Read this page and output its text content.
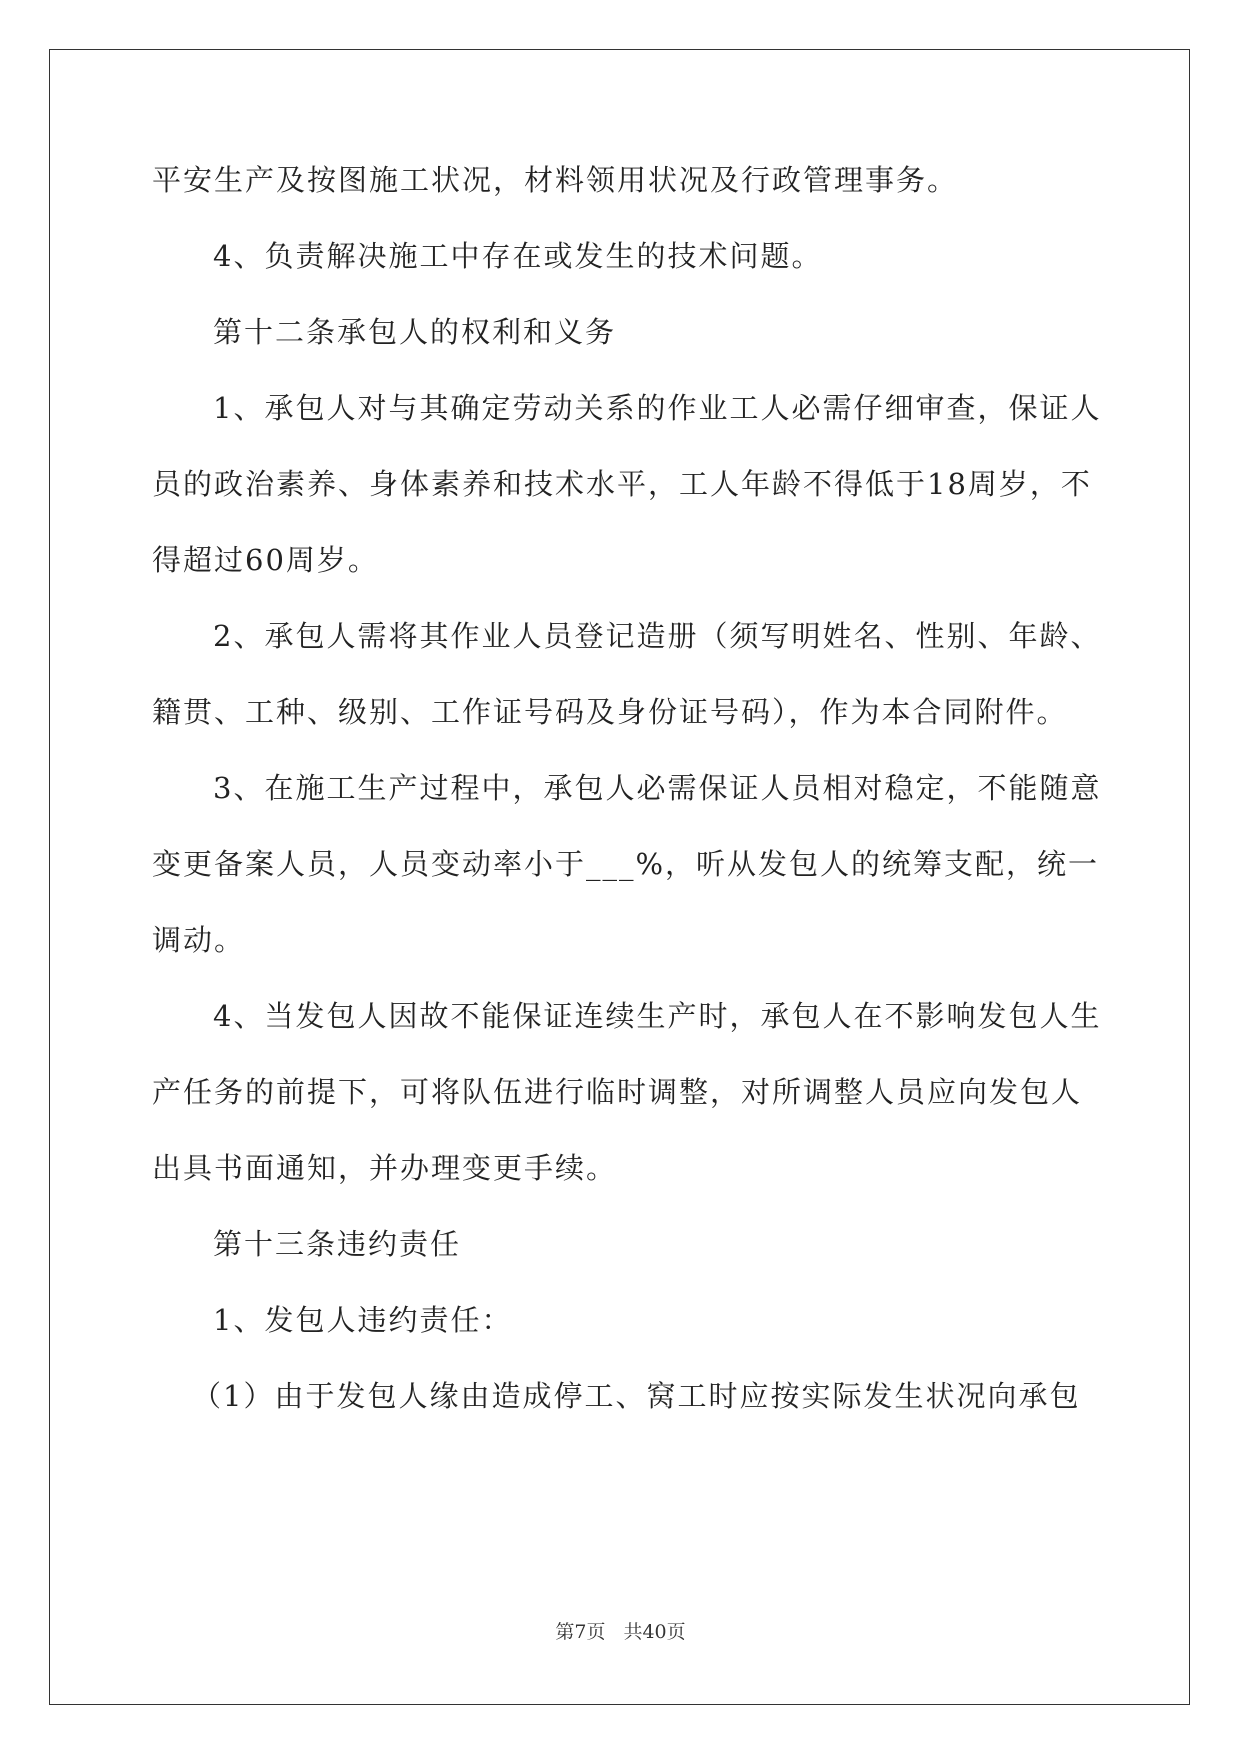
平安生产及按图施工状况，材料领用状况及行政管理事务。
4、负责解决施工中存在或发生的技术问题。
第十二条承包人的权利和义务
1、承包人对与其确定劳动关系的作业工人必需仔细审查，保证人
员的政治素养、身体素养和技术水平，工人年龄不得低于18周岁，不
得超过60周岁。
2、承包人需将其作业人员登记造册（须写明姓名、性别、年龄、
籍贯、工种、级别、工作证号码及身份证号码），作为本合同附件。
3、在施工生产过程中，承包人必需保证人员相对稳定，不能随意
变更备案人员，人员变动率小于___%，听从发包人的统筹支配，统一
调动。
4、当发包人因故不能保证连续生产时，承包人在不影响发包人生
产任务的前提下，可将队伍进行临时调整，对所调整人员应向发包人
出具书面通知，并办理变更手续。
第十三条违约责任
1、发包人违约责任：
（1）由于发包人缘由造成停工、窝工时应按实际发生状况向承包
第7页 共40页
